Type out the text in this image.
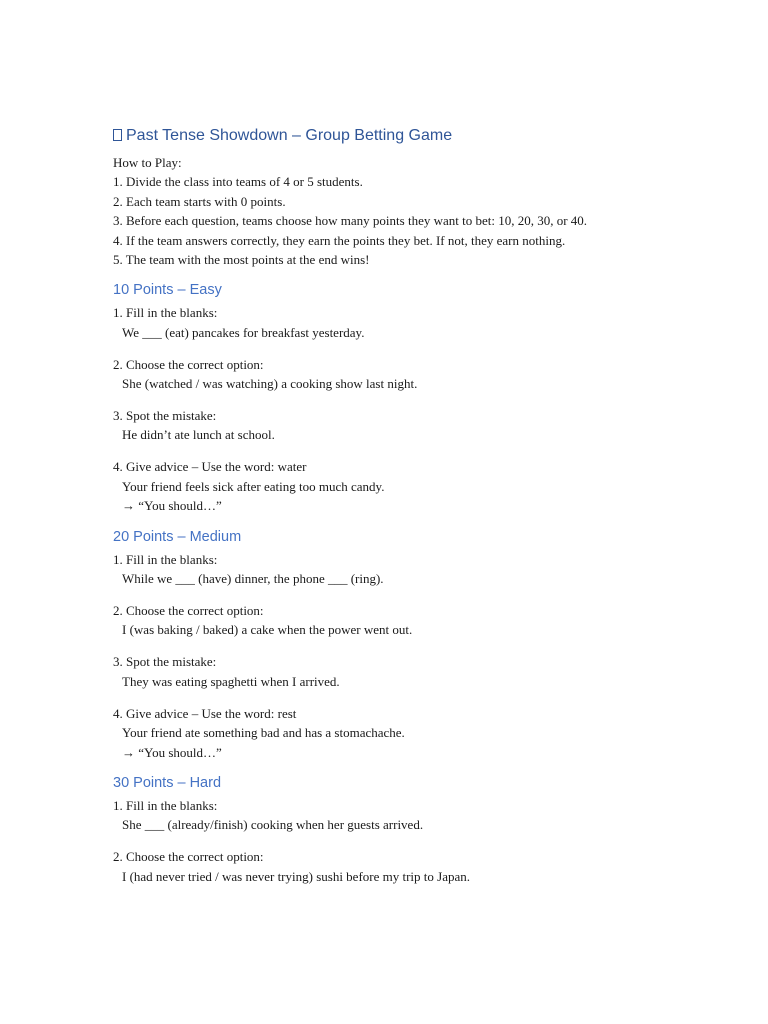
Past Tense Showdown – Group Betting Game
How to Play:
1. Divide the class into teams of 4 or 5 students.
2. Each team starts with 0 points.
3. Before each question, teams choose how many points they want to bet: 10, 20, 30, or 40.
4. If the team answers correctly, they earn the points they bet. If not, they earn nothing.
5. The team with the most points at the end wins!
10 Points – Easy
1. Fill in the blanks:
We ___ (eat) pancakes for breakfast yesterday.
2. Choose the correct option:
She (watched / was watching) a cooking show last night.
3. Spot the mistake:
He didn’t ate lunch at school.
4. Give advice – Use the word: water
Your friend feels sick after eating too much candy.
→ “You should…”
20 Points – Medium
1. Fill in the blanks:
While we ___ (have) dinner, the phone ___ (ring).
2. Choose the correct option:
I (was baking / baked) a cake when the power went out.
3. Spot the mistake:
They was eating spaghetti when I arrived.
4. Give advice – Use the word: rest
Your friend ate something bad and has a stomachache.
→ “You should…”
30 Points – Hard
1. Fill in the blanks:
She ___ (already/finish) cooking when her guests arrived.
2. Choose the correct option:
I (had never tried / was never trying) sushi before my trip to Japan.
